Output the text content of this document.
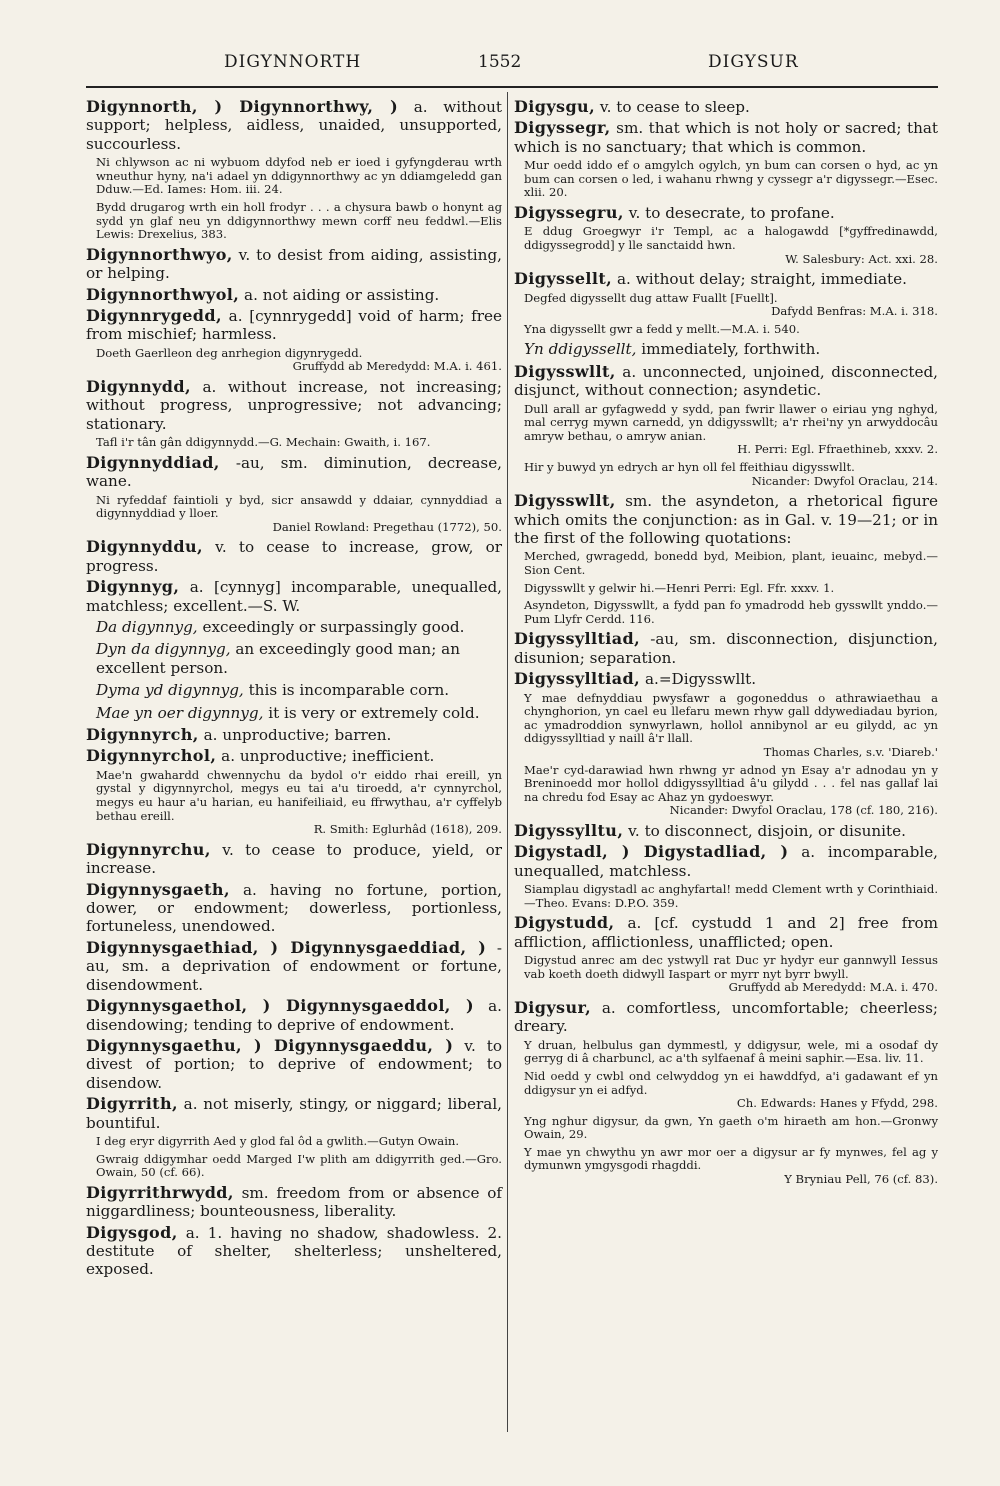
DIGYNNORTH	1552	DIGYSUR
Digynnorth, ) Digynnorthwy, ) a. without support; helpless, aidless, unaided, unsupported, succourless.
Ni chlywson ac ni wybuom ddyfod neb er ioed i gyfyngderau wrth wneuthur hyny, na'i adael yn ddigynnorthwy ac yn ddiamgeledd gan Dduw.—Ed. Iames: Hom. iii. 24.
Bydd drugarog wrth ein holl frodyr . . . a chysura bawb o honynt ag sydd yn glaf neu yn ddigynnorthwy mewn corff neu feddwl.—Elis Lewis: Drexelius, 383.
Digynnorthwyo, v. to desist from aiding, assisting, or helping.
Digynnorthwyol, a. not aiding or assisting.
Digynnrygedd, a. [cynnrygedd] void of harm; free from mischief; harmless.
Doeth Gaerlleon deg anrhegion digynrygedd.
Gruffydd ab Meredydd: M.A. i. 461.
Digynnydd, a. without increase, not increasing; without progress, unprogressive; not advancing; stationary.
Tafl i'r tân gân ddigynnydd.—G. Mechain: Gwaith, i. 167.
Digynnyddiad, -au, sm. diminution, decrease, wane.
Ni ryfeddaf faintioli y byd, sicr ansawdd y ddaiar, cynnyddiad a digynnyddiad y lloer.
Daniel Rowland: Pregethau (1772), 50.
Digynnyddu, v. to cease to increase, grow, or progress.
Digynnyg, a. [cynnyg] incomparable, unequalled, matchless; excellent.—S. W.
Da digynnyg, exceedingly or surpassingly good.
Dyn da digynnyg, an exceedingly good man; an excellent person.
Dyma yd digynnyg, this is incomparable corn.
Mae yn oer digynnyg, it is very or extremely cold.
Digynnyrch, a. unproductive; barren.
Digynnyrchol, a. unproductive; inefficient.
Mae'n gwahardd chwennychu da bydol o'r eiddo rhai ereill, yn gystal y digynnyrchol, megys eu tai a'u tiroedd, a'r cynnyrchol, megys eu haur a'u harian, eu hanifeiliaid, eu ffrwythau, a'r cyffelyb bethau ereill.
R. Smith: Eglurhâd (1618), 209.
Digynnyrchu, v. to cease to produce, yield, or increase.
Digynnysgaeth, a. having no fortune, portion, dower, or endowment; dowerless, portionless, fortuneless, unendowed.
Digynnysgaethiad, ) Digynnysgaeddiad, ) -au, sm. a deprivation of endowment or fortune, disendowment.
Digynnysgaethol, ) Digynnysgaeddol, ) a. disendowing; tending to deprive of endowment.
Digynnysgaethu, ) Digynnysgaeddu, ) v. to divest of portion; to deprive of endowment; to disendow.
Digyrrith, a. not miserly, stingy, or niggard; liberal, bountiful.
I deg eryr digyrrith Aed y glod fal ôd a gwlith.—Gutyn Owain.
Gwraig ddigymhar oedd Marged I'w plith am ddigyrrith ged.—Gro. Owain, 50 (cf. 66).
Digyrrithrwydd, sm. freedom from or absence of niggardliness; bounteousness, liberality.
Digysgod, a. 1. having no shadow, shadowless. 2. destitute of shelter, shelterless; unsheltered, exposed.
Digysgu, v. to cease to sleep.
Digyssegr, sm. that which is not holy or sacred; that which is no sanctuary; that which is common.
Mur oedd iddo ef o amgylch ogylch, yn bum can corsen o hyd, ac yn bum can corsen o led, i wahanu rhwng y cyssegr a'r digyssegr.—Esec. xlii. 20.
Digyssegru, v. to desecrate, to profane.
E ddug Groegwyr i'r Templ, ac a halogawdd [*gyffredinawdd, ddigyssegrodd] y lle sanctaidd hwn.
W. Salesbury: Act. xxi. 28.
Digyssellt, a. without delay; straight, immediate.
Degfed digyssellt dug attaw Fuallt [Fuellt].
Dafydd Benfras: M.A. i. 318.
Yna digyssellt gwr a fedd y mellt.—M.A. i. 540.
Yn ddigyssellt, immediately, forthwith.
Digysswllt, a. unconnected, unjoined, disconnected, disjunct, without connection; asyndetic.
Dull arall ar gyfagwedd y sydd, pan fwrir llawer o eiriau yng nghyd, mal cerryg mywn carnedd, yn ddigysswllt; a'r rhei'ny yn arwyddocâu amryw bethau, o amryw anian.
H. Perri: Egl. Ffraethineb, xxxv. 2.
Hir y buwyd yn edrych ar hyn oll fel ffeithiau digysswllt.
Nicander: Dwyfol Oraclau, 214.
Digysswllt, sm. the asyndeton, a rhetorical figure which omits the conjunction: as in Gal. v. 19—21; or in the first of the following quotations:
Merched, gwragedd, bonedd byd, Meibion, plant, ieuainc, mebyd.—Sion Cent.
Digysswllt y gelwir hi.—Henri Perri: Egl. Ffr. xxxv. 1.
Asyndeton, Digysswllt, a fydd pan fo ymadrodd heb gysswllt ynddo.—Pum Llyfr Cerdd. 116.
Digyssylltiad, -au, sm. disconnection, disjunction, disunion; separation.
Digyssylltiad, a.=Digysswllt.
Y mae defnyddiau pwysfawr a gogoneddus o athrawiaethau a chynghorion, yn cael eu llefaru mewn rhyw gall ddywediadau byrion, ac ymadroddion synwyrlawn, hollol annibynol ar eu gilydd, ac yn ddigyssylltiad y naill â'r llall.
Thomas Charles, s.v. 'Diareb.'
Mae'r cyd-darawiad hwn rhwng yr adnod yn Esay a'r adnodau yn y Breninoedd mor hollol ddigyssylltiad â'u gilydd . . . fel nas gallaf lai na chredu fod Esay ac Ahaz yn gydoeswyr.
Nicander: Dwyfol Oraclau, 178 (cf. 180, 216).
Digyssylltu, v. to disconnect, disjoin, or disunite.
Digystadl, ) Digystadliad, ) a. incomparable, unequalled, matchless.
Siamplau digystadl ac anghyfartal! medd Clement wrth y Corinthiaid.—Theo. Evans: D.P.O. 359.
Digystudd, a. [cf. cystudd 1 and 2] free from affliction, afflictionless, unafflicted; open.
Digystud anrec am dec ystwyll rat Duc yr hydyr eur gannwyll Iessus vab koeth doeth didwyll Iaspart or myrr nyt byrr bwyll.
Gruffydd ab Meredydd: M.A. i. 470.
Digysur, a. comfortless, uncomfortable; cheerless; dreary.
Y druan, helbulus gan dymmestl, y ddigysur, wele, mi a osodaf dy gerryg di â charbuncl, ac a'th sylfaenaf â meini saphir.—Esa. liv. 11.
Nid oedd y cwbl ond celwyddog yn ei hawddfyd, a'i gadawant ef yn ddigysur yn ei adfyd.
Ch. Edwards: Hanes y Ffydd, 298.
Yng nghur digysur, da gwn, Yn gaeth o'm hiraeth am hon.—Gronwy Owain, 29.
Y mae yn chwythu yn awr mor oer a digysur ar fy mynwes, fel ag y dymunwn ymgysgodi rhagddi.
Y Bryniau Pell, 76 (cf. 83).
